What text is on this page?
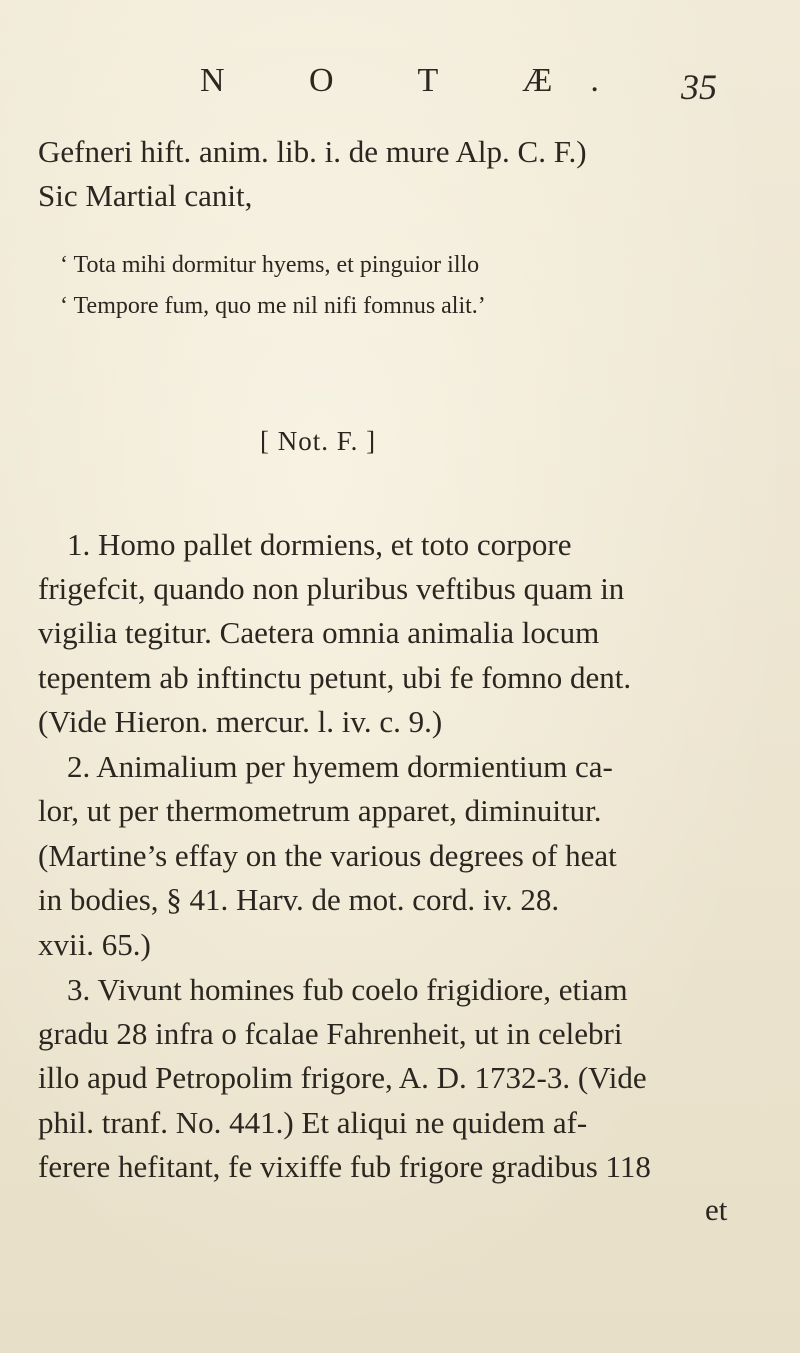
N O T Æ. 35
Gefneri hift. anim. lib. i. de mure Alp. C. F.)
Sic Martial canit,
‘ Tota mihi dormitur hyems, et pinguior illo
‘ Tempore fum, quo me nil nifi fomnus alit.’
[ Not. F. ]
1. Homo pallet dormiens, et toto corpore
frigefcit, quando non pluribus veftibus quam in
vigilia tegitur. Caetera omnia animalia locum
tepentem ab inftinctu petunt, ubi fe fomno dent.
(Vide Hieron. mercur. l. iv. c. 9.)
2. Animalium per hyemem dormientium ca-
lor, ut per thermometrum apparet, diminuitur.
(Martine’s effay on the various degrees of heat
in bodies, § 41. Harv. de mot. cord. iv. 28.
xvii. 65.)
3. Vivunt homines fub coelo frigidiore, etiam
gradu 28 infra o fcalae Fahrenheit, ut in celebri
illo apud Petropolim frigore, A. D. 1732-3. (Vide
phil. tranf. No. 441.) Et aliqui ne quidem af-
ferere hefitant, fe vixiffe fub frigore gradibus 118
et
